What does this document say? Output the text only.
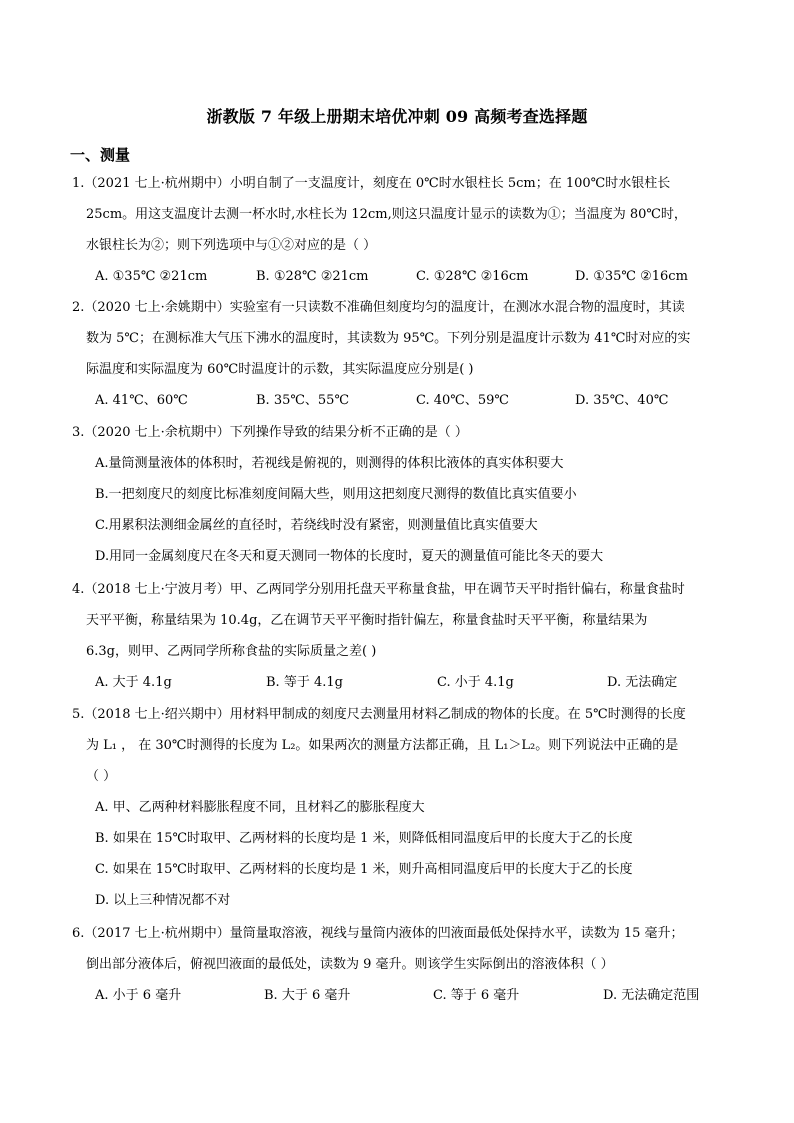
浙教版 7 年级上册期末培优冲刺 09 高频考查选择题
一、测量
1.（2021 七上·杭州期中）小明自制了一支温度计，刻度在 0℃时水银柱长 5cm；在 100℃时水银柱长
25cm。用这支温度计去测一杯水时,水柱长为 12cm,则这只温度计显示的读数为①；当温度为 80℃时，
水银柱长为②；则下列选项中与①②对应的是（ ）
A. ①35℃ ②21cm	B. ①28℃ ②21cm	C. ①28℃ ②16cm	D. ①35℃ ②16cm
2.（2020 七上·余姚期中）实验室有一只读数不准确但刻度均匀的温度计，在测冰水混合物的温度时，其读
数为 5℃；在测标准大气压下沸水的温度时，其读数为 95℃。下列分别是温度计示数为 41℃时对应的实
际温度和实际温度为 60℃时温度计的示数，其实际温度应分别是( )
A. 41℃、60℃	B. 35℃、55℃	C. 40℃、59℃	D. 35℃、40℃
3.（2020 七上·余杭期中）下列操作导致的结果分析不正确的是（ ）
A.量筒测量液体的体积时，若视线是俯视的，则测得的体积比液体的真实体积要大
B.一把刻度尺的刻度比标准刻度间隔大些，则用这把刻度尺测得的数值比真实值要小
C.用累积法测细金属丝的直径时，若绕线时没有紧密，则测量值比真实值要大
D.用同一金属刻度尺在冬天和夏天测同一物体的长度时，夏天的测量值可能比冬天的要大
4.（2018 七上·宁波月考）甲、乙两同学分别用托盘天平称量食盐，甲在调节天平时指针偏右，称量食盐时
天平平衡，称量结果为 10.4g，乙在调节天平平衡时指针偏左，称量食盐时天平平衡，称量结果为
6.3g，则甲、乙两同学所称食盐的实际质量之差( )
A. 大于 4.1g	B. 等于 4.1g	C. 小于 4.1g	D. 无法确定
5.（2018 七上·绍兴期中）用材料甲制成的刻度尺去测量用材料乙制成的物体的长度。在 5℃时测得的长度
为 L₁ ， 在 30℃时测得的长度为 L₂。如果两次的测量方法都正确，且 L₁＞L₂。则下列说法中正确的是
（ ）
A. 甲、乙两种材料膨胀程度不同，且材料乙的膨胀程度大
B. 如果在 15℃时取甲、乙两材料的长度均是 1 米，则降低相同温度后甲的长度大于乙的长度
C. 如果在 15℃时取甲、乙两材料的长度均是 1 米，则升高相同温度后甲的长度大于乙的长度
D. 以上三种情况都不对
6.（2017 七上·杭州期中）量筒量取溶液，视线与量筒内液体的凹液面最低处保持水平，读数为 15 毫升；
倒出部分液体后，俯视凹液面的最低处，读数为 9 毫升。则该学生实际倒出的溶液体积（ ）
A. 小于 6 毫升	B. 大于 6 毫升	C. 等于 6 毫升	D. 无法确定范围
